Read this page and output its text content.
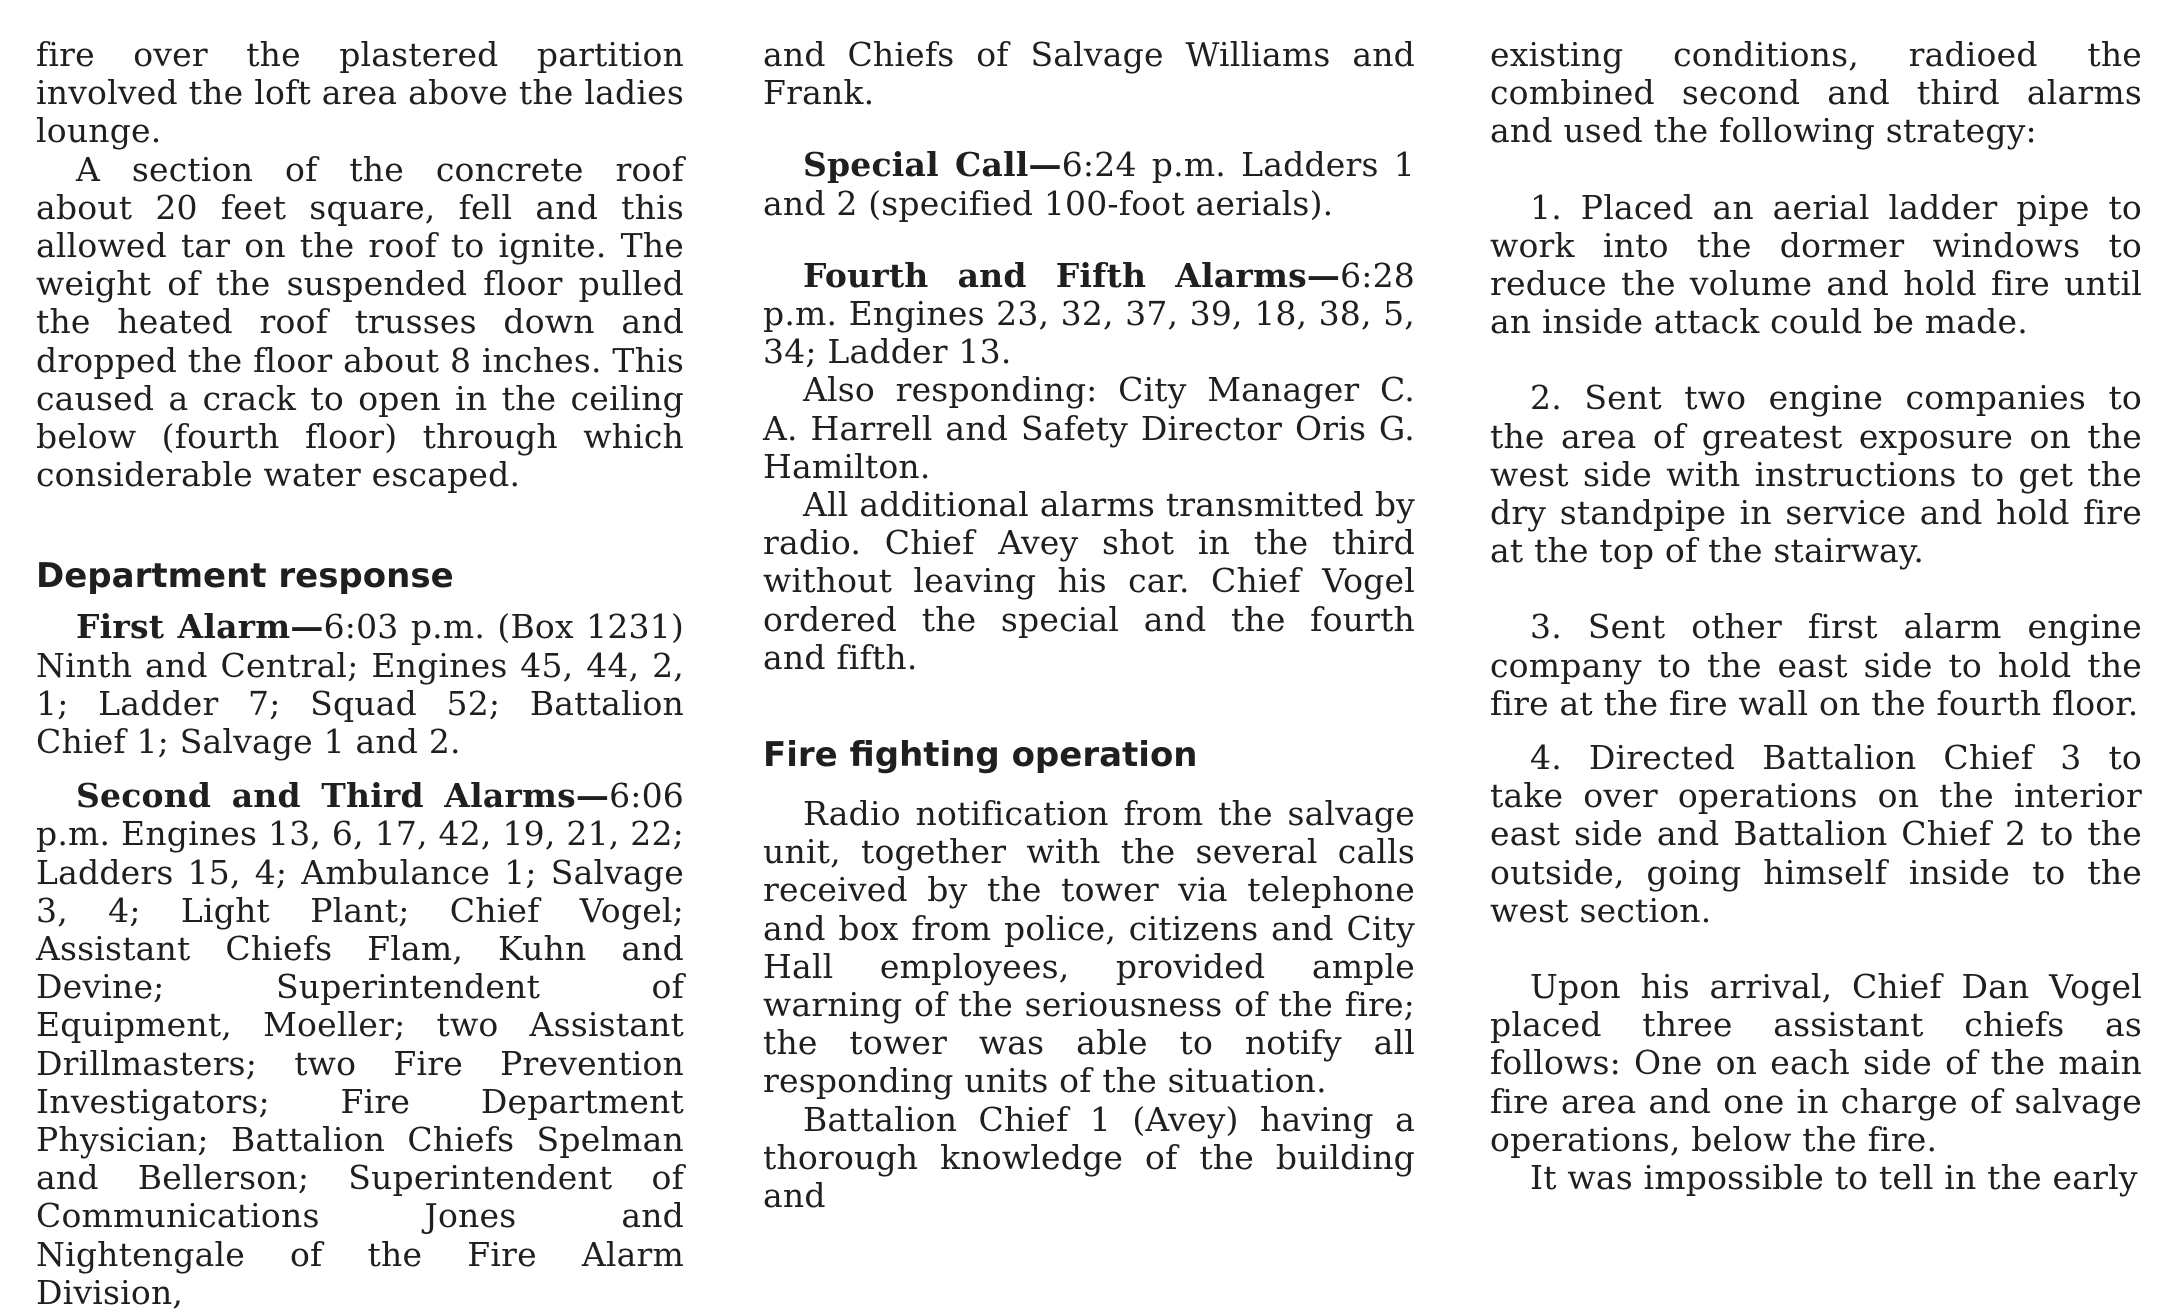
fire over the plastered partition involved the loft area above the ladies lounge.

A section of the concrete roof about 20 feet square, fell and this allowed tar on the roof to ignite. The weight of the suspended floor pulled the heated roof trusses down and dropped the floor about 8 inches. This caused a crack to open in the ceiling below (fourth floor) through which considerable water escaped.

Department response

First Alarm—6:03 p.m. (Box 1231) Ninth and Central; Engines 45, 44, 2, 1; Ladder 7; Squad 52; Battalion Chief 1; Salvage 1 and 2.

Second and Third Alarms—6:06 p.m. Engines 13, 6, 17, 42, 19, 21, 22; Ladders 15, 4; Ambulance 1; Salvage 3, 4; Light Plant; Chief Vogel; Assistant Chiefs Flam, Kuhn and Devine; Superintendent of Equipment, Moeller; two Assistant Drillmasters; two Fire Prevention Investigators; Fire Department Physician; Battalion Chiefs Spelman and Bellerson; Superintendent of Communications Jones and Nightengale of the Fire Alarm Division,

and Chiefs of Salvage Williams and Frank.

Special Call—6:24 p.m. Ladders 1 and 2 (specified 100-foot aerials).

Fourth and Fifth Alarms—6:28 p.m. Engines 23, 32, 37, 39, 18, 38, 5, 34; Ladder 13.

Also responding: City Manager C. A. Harrell and Safety Director Oris G. Hamilton.

All additional alarms transmitted by radio. Chief Avey shot in the third without leaving his car. Chief Vogel ordered the special and the fourth and fifth.

Fire fighting operation

Radio notification from the salvage unit, together with the several calls received by the tower via telephone and box from police, citizens and City Hall employees, provided ample warning of the seriousness of the fire; the tower was able to notify all responding units of the situation.

Battalion Chief 1 (Avey) having a thorough knowledge of the building and

existing conditions, radioed the combined second and third alarms and used the following strategy:

1. Placed an aerial ladder pipe to work into the dormer windows to reduce the volume and hold fire until an inside attack could be made.

2. Sent two engine companies to the area of greatest exposure on the west side with instructions to get the dry standpipe in service and hold fire at the top of the stairway.

3. Sent other first alarm engine company to the east side to hold the fire at the fire wall on the fourth floor.

4. Directed Battalion Chief 3 to take over operations on the interior east side and Battalion Chief 2 to the outside, going himself inside to the west section.

Upon his arrival, Chief Dan Vogel placed three assistant chiefs as follows: One on each side of the main fire area and one in charge of salvage operations, below the fire.

It was impossible to tell in the early
